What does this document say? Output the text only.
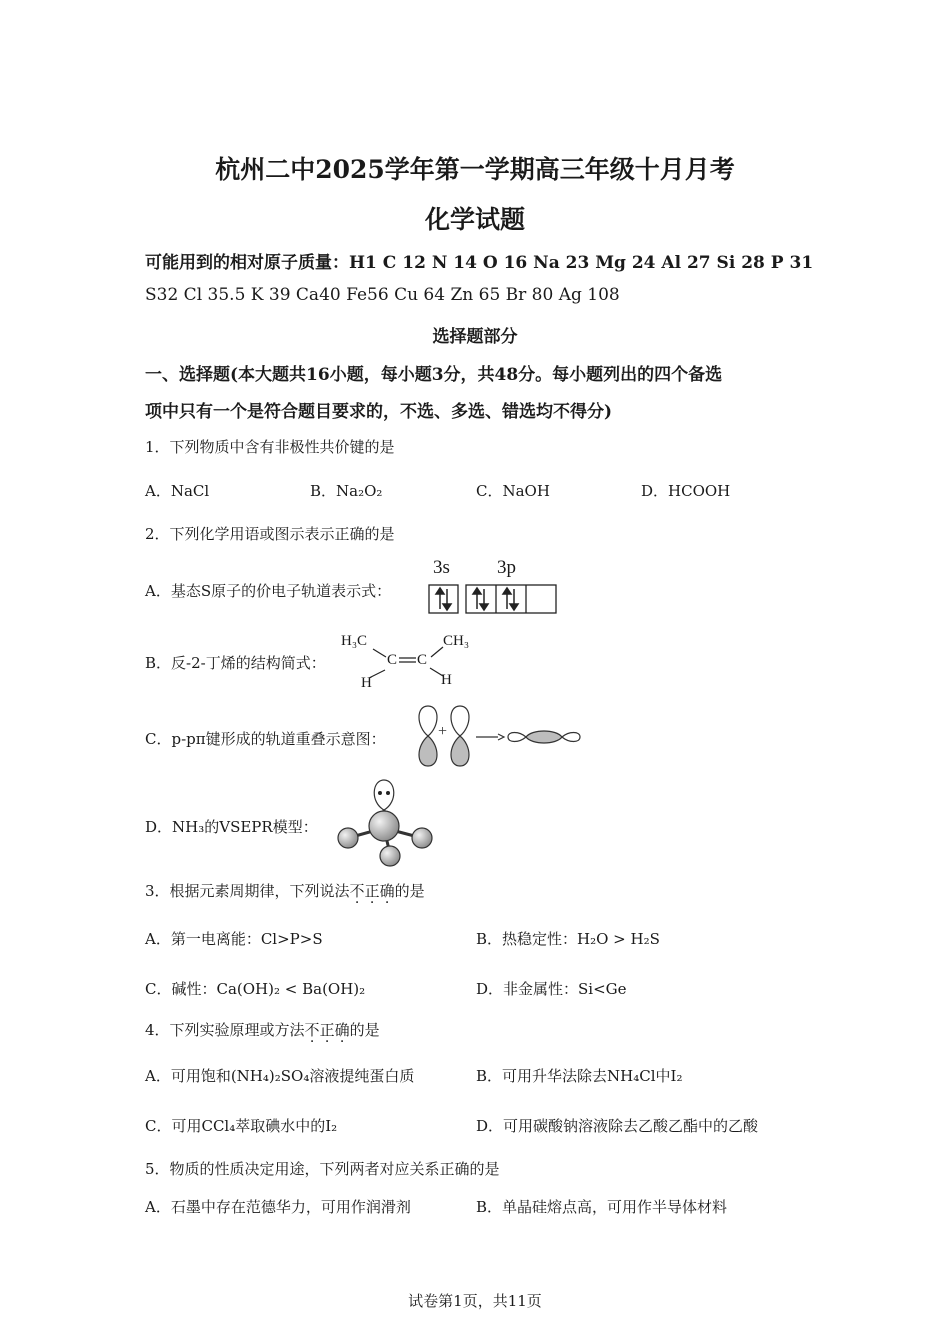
杭州二中2025学年第一学期高三年级十月月考
化学试题
可能用到的相对原子质量：H1 C 12 N 14 O 16 Na 23 Mg 24 Al 27 Si 28 P 31
S32 Cl 35.5 K 39 Ca40 Fe56 Cu 64 Zn 65 Br 80 Ag 108
选择题部分
一、选择题(本大题共16小题，每小题3分，共48分。每小题列出的四个备选
项中只有一个是符合题目要求的，不选、多选、错选均不得分)
1．下列物质中含有非极性共价键的是
A．NaCl	B．Na₂O₂	C．NaOH	D．HCOOH
2．下列化学用语或图示表示正确的是
A．基态S原子的价电子轨道表示式：
3s 3p
B．反-2-丁烯的结构简式：
H₃C	CH₃
C C
H	H
C．p-pπ键形成的轨道重叠示意图：	+
D．NH₃的VSEPR模型：
3．根据元素周期律，下列说法不正确的是
A．第一电离能：Cl>P>S	B．热稳定性：H₂O > H₂S
C．碱性：Ca(OH)₂ < Ba(OH)₂	D．非金属性：Si<Ge
4．下列实验原理或方法不正确的是
A．可用饱和(NH₄)₂SO₄溶液提纯蛋白质	B．可用升华法除去NH₄Cl中I₂
C．可用CCl₄萃取碘水中的I₂	D．可用碳酸钠溶液除去乙酸乙酯中的乙酸
5．物质的性质决定用途，下列两者对应关系正确的是
A．石墨中存在范德华力，可用作润滑剂	B．单晶硅熔点高，可用作半导体材料
试卷第1页，共11页
